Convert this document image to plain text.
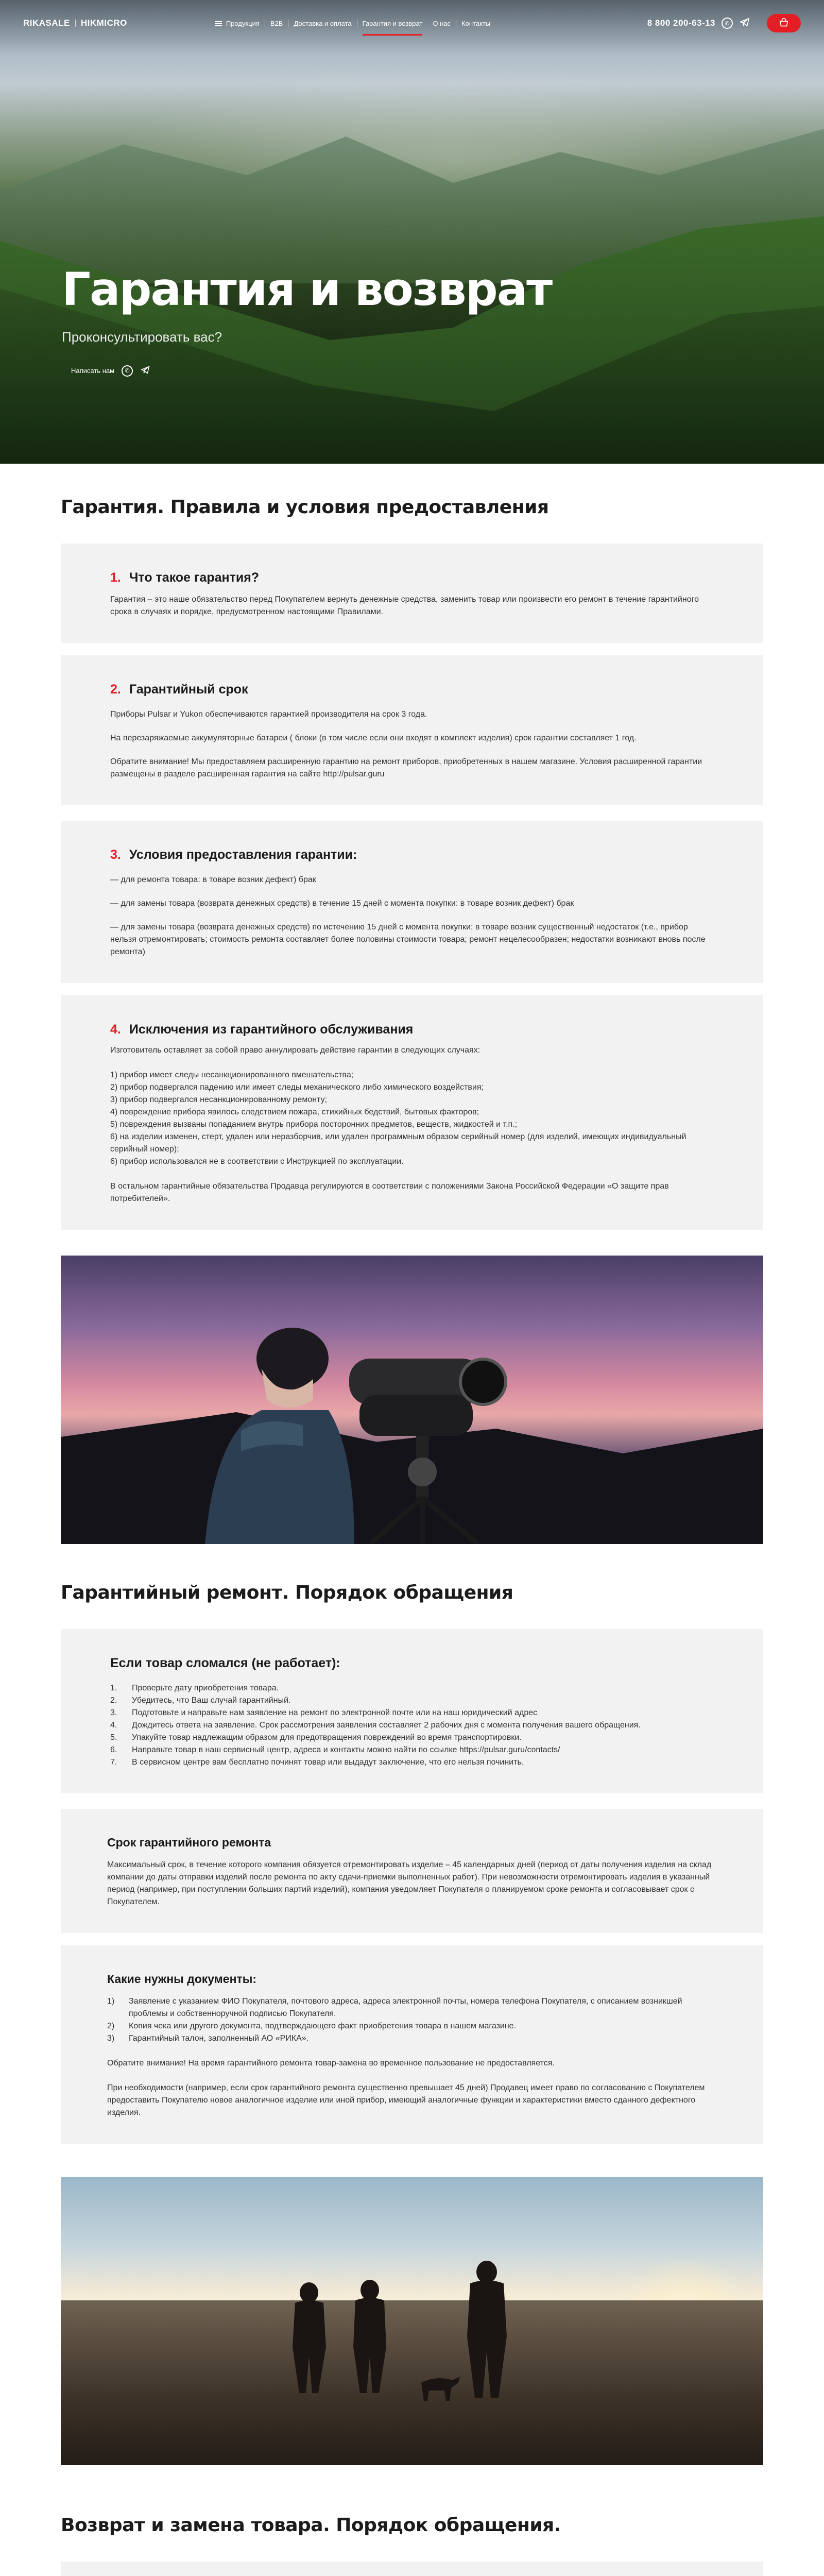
RIKASALE HIKMICRO	Продукция	B2B	Доставка и оплата	Гарантия и возврат	О нас	Контакты	8 800 200-63-13	✆
Гарантия и возврат

Проконсультировать вас?

Написать нам	✆
Гарантия. Правила и условия предоставления
1. Что такое гарантия?

Гарантия – это наше обязательство перед Покупателем вернуть денежные средства, заменить товар или произвести его ремонт в течение гарантийного срока в случаях и порядке, предусмотренном настоящими Правилами.

2. Гарантийный срок

Приборы Pulsar и Yukon обеспечиваются гарантией производителя на срок 3 года.

На перезаряжаемые аккумуляторные батареи ( блоки (в том числе если они входят в комплект изделия) срок гарантии составляет 1 год.

Обратите внимание! Мы предоставляем расширенную гарантию на ремонт приборов, приобретенных в нашем магазине. Условия расширенной гарантии размещены в разделе расширенная гарантия на сайте http://pulsar.guru

3. Условия предоставления гарантии:

— для ремонта товара: в товаре возник дефект) брак

— для замены товара (возврата денежных средств) в течение 15 дней с момента покупки: в товаре возник дефект) брак

— для замены товара (возврата денежных средств) по истечению 15 дней с момента покупки: в товаре возник существенный недостаток (т.е., прибор нельзя отремонтировать; стоимость ремонта составляет более половины стоимости товара; ремонт нецелесообразен; недостатки возникают вновь после ремонта)

4. Исключения из гарантийного обслуживания

Изготовитель оставляет за собой право аннулировать действие гарантии в следующих случаях:

1) прибор имеет следы несанкционированного вмешательства;

2) прибор подвергался падению или имеет следы механического либо химического воздействия;

3) прибор подвергался несанкционированному ремонту;

4) повреждение прибора явилось следствием пожара, стихийных бедствий, бытовых факторов;

5) повреждения вызваны попаданием внутрь прибора посторонних предметов, веществ, жидкостей и т.п.;

6) на изделии изменен, стерт, удален или неразборчив, или удален программным образом серийный номер (для изделий, имеющих индивидуальный серийный номер);

6) прибор использовался не в соответствии с Инструкцией по эксплуатации.

В остальном гарантийные обязательства Продавца регулируются в соответствии с положениями Закона Российской Федерации «О защите прав потребителей».

Гарантийный ремонт. Порядок обращения
Если товар сломался (не работает):
1.	Проверьте дату приобретения товара.
2.	Убедитесь, что Ваш случай гарантийный.
3.	Подготовьте и направьте нам заявление на ремонт по электронной почте или на наш юридический адрес
4.	Дождитесь ответа на заявление. Срок рассмотрения заявления составляет 2 рабочих дня с момента получения вашего обращения.
5.	Упакуйте товар надлежащим образом для предотвращения повреждений во время транспортировки.
6.	Направьте товар в наш сервисный центр, адреса и контакты можно найти по ссылке https://pulsar.guru/contacts/
7.	В сервисном центре вам бесплатно починят товар или выдадут заключение, что его нельзя починить.
Срок гарантийного ремонта

Максимальный срок, в течение которого компания обязуется отремонтировать изделие – 45 календарных дней (период от даты получения изделия на склад компании до даты отправки изделий после ремонта по акту сдачи-приемки выполненных работ). При невозможности отремонтировать изделия в указанный период (например, при поступлении больших партий изделий), компания уведомляет Покупателя о планируемом сроке ремонта и согласовывает срок с Покупателем.

Какие нужны документы:
1)	Заявление с указанием ФИО Покупателя, почтового адреса, адреса электронной почты, номера телефона Покупателя, с описанием возникшей проблемы и собственноручной подписью Покупателя.
2)	Копия чека или другого документа, подтверждающего факт приобретения товара в нашем магазине.
3)	Гарантийный талон, заполненный АО «РИКА».

Обратите внимание! На время гарантийного ремонта товар-замена во временное пользование не предоставляется.

При необходимости (например, если срок гарантийного ремонта существенно превышает 45 дней) Продавец имеет право по согласованию с Покупателем предоставить Покупателю новое аналогичное изделие или иной прибор, имеющий аналогичные функции и характеристики вместо сданного дефектного изделия.

Возврат и замена товара. Порядок обращения.
